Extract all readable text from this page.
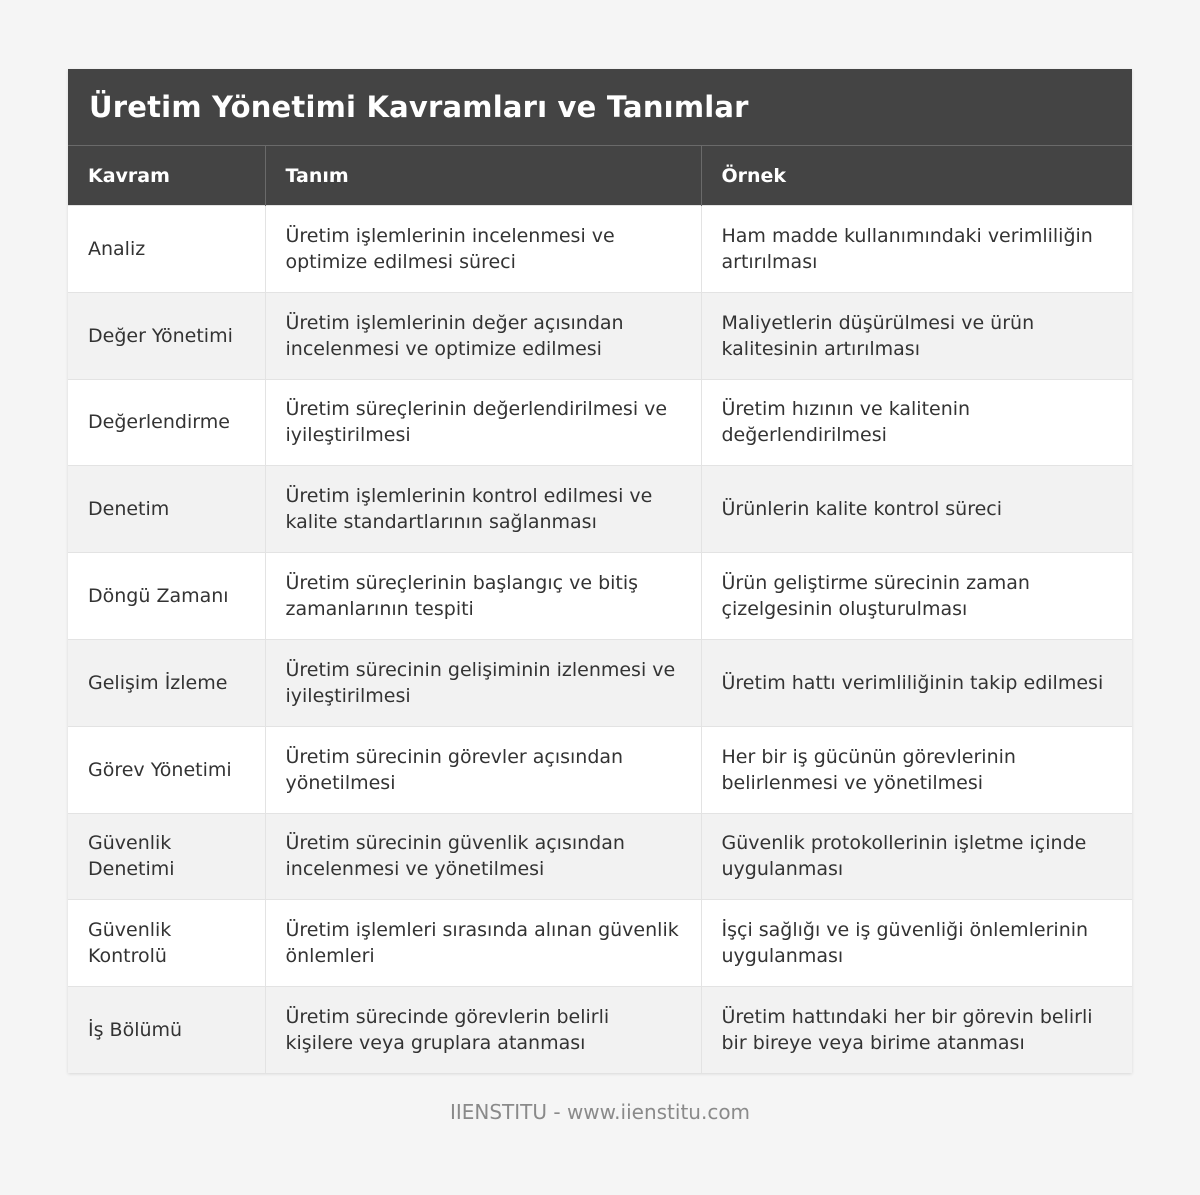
Üretim Yönetimi Kavramları ve Tanımlar
Kavram	Tanım	Örnek
Analiz	Üretim işlemlerinin incelenmesi ve optimize edilmesi süreci	Ham madde kullanımındaki verimliliğin artırılması
Değer Yönetimi	Üretim işlemlerinin değer açısından incelenmesi ve optimize edilmesi	Maliyetlerin düşürülmesi ve ürün kalitesinin artırılması
Değerlendirme	Üretim süreçlerinin değerlendirilmesi ve iyileştirilmesi	Üretim hızının ve kalitenin değerlendirilmesi
Denetim	Üretim işlemlerinin kontrol edilmesi ve kalite standartlarının sağlanması	Ürünlerin kalite kontrol süreci
Döngü Zamanı	Üretim süreçlerinin başlangıç ve bitiş zamanlarının tespiti	Ürün geliştirme sürecinin zaman çizelgesinin oluşturulması
Gelişim İzleme	Üretim sürecinin gelişiminin izlenmesi ve iyileştirilmesi	Üretim hattı verimliliğinin takip edilmesi
Görev Yönetimi	Üretim sürecinin görevler açısından yönetilmesi	Her bir iş gücünün görevlerinin belirlenmesi ve yönetilmesi
Güvenlik Denetimi	Üretim sürecinin güvenlik açısından incelenmesi ve yönetilmesi	Güvenlik protokollerinin işletme içinde uygulanması
Güvenlik Kontrolü	Üretim işlemleri sırasında alınan güvenlik önlemleri	İşçi sağlığı ve iş güvenliği önlemlerinin uygulanması
İş Bölümü	Üretim sürecinde görevlerin belirli kişilere veya gruplara atanması	Üretim hattındaki her bir görevin belirli bir bireye veya birime atanması
IIENSTITU - www.iienstitu.com
